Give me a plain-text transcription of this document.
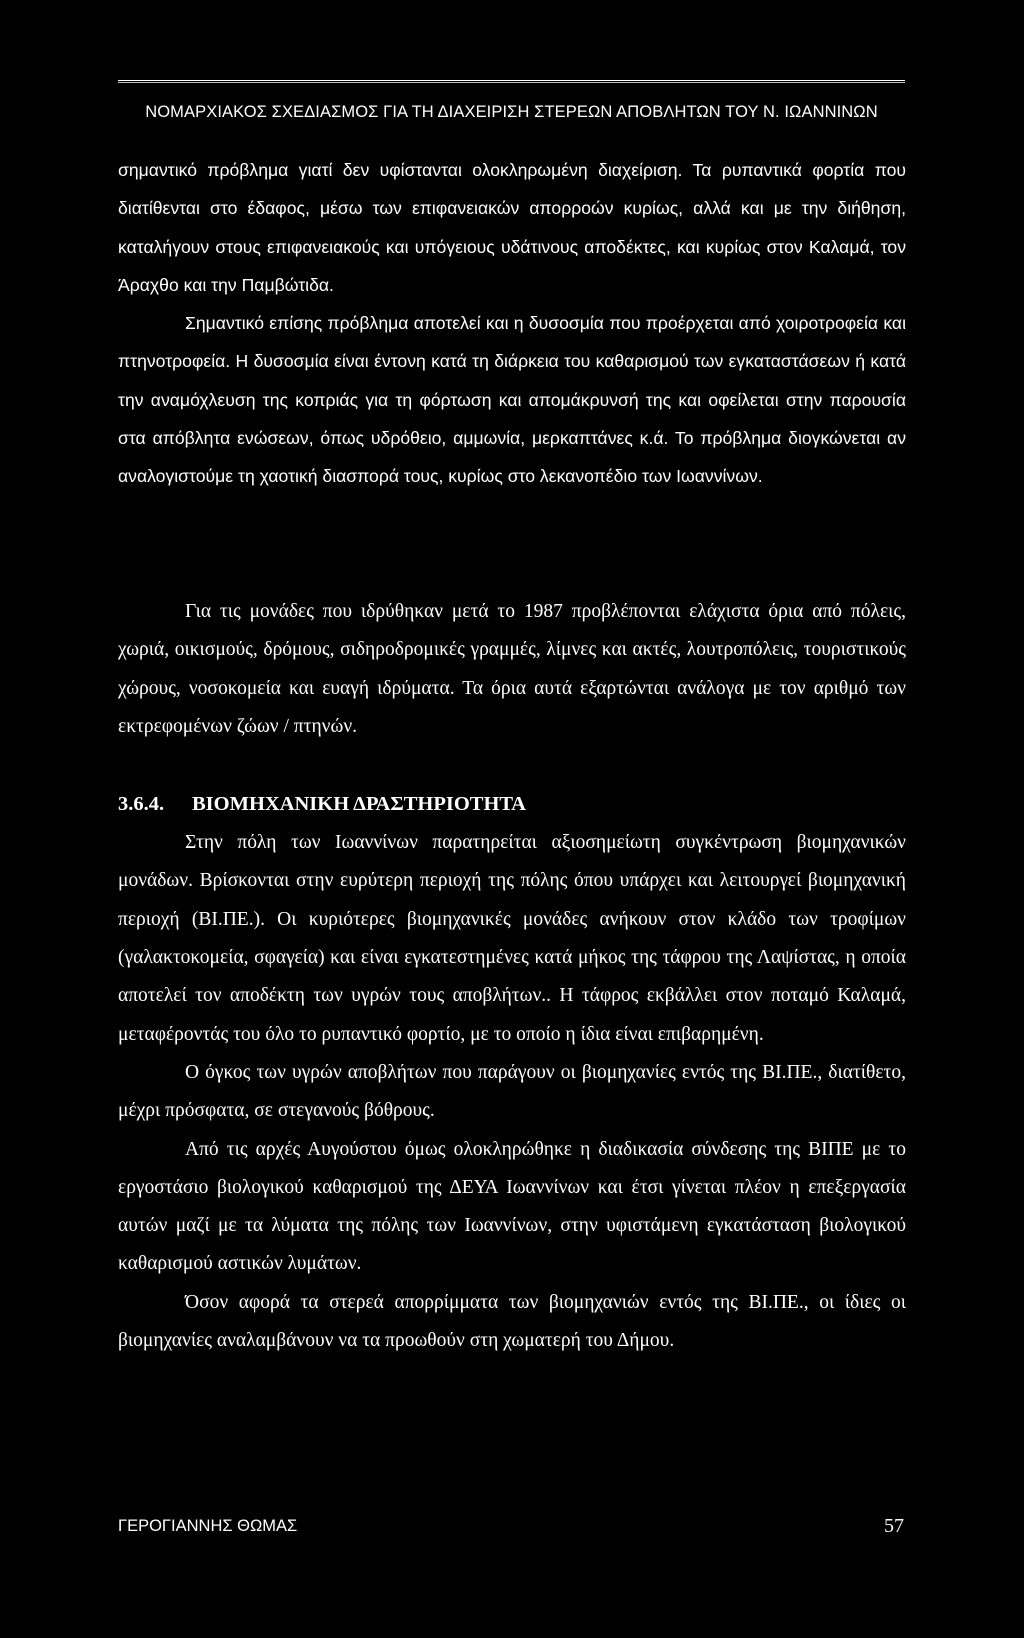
ΝΟΜΑΡΧΙΑΚΟΣ ΣΧΕΔΙΑΣΜΟΣ ΓΙΑ ΤΗ ΔΙΑΧΕΙΡΙΣΗ ΣΤΕΡΕΩΝ ΑΠΟΒΛΗΤΩΝ ΤΟΥ Ν. ΙΩΑΝΝΙΝΩΝ

σημαντικό πρόβλημα γιατί δεν υφίστανται ολοκληρωμένη διαχείριση. Τα ρυπαντικά φορτία που διατίθενται στο έδαφος, μέσω των επιφανειακών απορροών κυρίως, αλλά και με την διήθηση, καταλήγουν στους επιφανειακούς και υπόγειους υδάτινους αποδέκτες, και κυρίως στον Καλαμά, τον Άραχθο και την Παμβώτιδα.

Σημαντικό επίσης πρόβλημα αποτελεί και η δυσοσμία που προέρχεται από χοιροτροφεία και πτηνοτροφεία. Η δυσοσμία είναι έντονη κατά τη διάρκεια του καθαρισμού των εγκαταστάσεων ή κατά την αναμόχλευση της κοπριάς για τη φόρτωση και απομάκρυνσή της και οφείλεται στην παρουσία στα απόβλητα ενώσεων, όπως υδρόθειο, αμμωνία, μερκαπτάνες κ.ά. Το πρόβλημα διογκώνεται αν αναλογιστούμε τη χαοτική διασπορά τους, κυρίως στο λεκανοπέδιο των Ιωαννίνων.

Για τις μονάδες που ιδρύθηκαν μετά το 1987 προβλέπονται ελάχιστα όρια από πόλεις, χωριά, οικισμούς, δρόμους, σιδηροδρομικές γραμμές, λίμνες και ακτές, λουτροπόλεις, τουριστικούς χώρους, νοσοκομεία και ευαγή ιδρύματα. Τα όρια αυτά εξαρτώνται ανάλογα με τον αριθμό των εκτρεφομένων ζώων / πτηνών.

3.6.4. ΒΙΟΜΗΧΑΝΙΚΗ ΔΡΑΣΤΗΡΙΟΤΗΤΑ

Στην πόλη των Ιωαννίνων παρατηρείται αξιοσημείωτη συγκέντρωση βιομηχανικών μονάδων. Βρίσκονται στην ευρύτερη περιοχή της πόλης όπου υπάρχει και λειτουργεί βιομηχανική περιοχή (ΒΙ.ΠΕ.). Οι κυριότερες βιομηχανικές μονάδες ανήκουν στον κλάδο των τροφίμων (γαλακτοκομεία, σφαγεία) και είναι εγκατεστημένες κατά μήκος της τάφρου της Λαψίστας, η οποία αποτελεί τον αποδέκτη των υγρών τους αποβλήτων.. Η τάφρος εκβάλλει στον ποταμό Καλαμά, μεταφέροντάς του όλο το ρυπαντικό φορτίο, με το οποίο η ίδια είναι επιβαρημένη.

Ο όγκος των υγρών αποβλήτων που παράγουν οι βιομηχανίες εντός της ΒΙ.ΠΕ., διατίθετο, μέχρι πρόσφατα, σε στεγανούς βόθρους.

Από τις αρχές Αυγούστου όμως ολοκληρώθηκε η διαδικασία σύνδεσης της ΒΙΠΕ με το εργοστάσιο βιολογικού καθαρισμού της ΔΕΥΑ Ιωαννίνων και έτσι γίνεται πλέον η επεξεργασία αυτών μαζί με τα λύματα της πόλης των Ιωαννίνων, στην υφιστάμενη εγκατάσταση βιολογικού καθαρισμού αστικών λυμάτων.

Όσον αφορά τα στερεά απορρίμματα των βιομηχανιών εντός της ΒΙ.ΠΕ., οι ίδιες οι βιομηχανίες αναλαμβάνουν να τα προωθούν στη χωματερή του Δήμου.

ΓΕΡΟΓΙΑΝΝΗΣ ΘΩΜΑΣ	57
